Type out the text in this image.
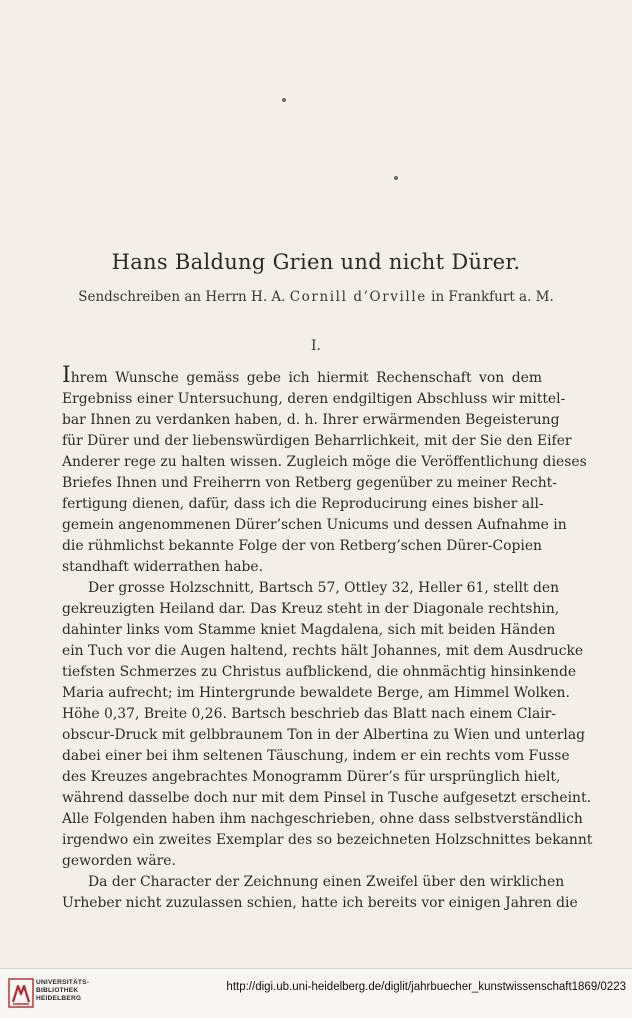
Hans Baldung Grien und nicht Dürer.
Sendschreiben an Herrn H. A. Cornill d’Orville in Frankfurt a. M.
I.
Ihrem Wunsche gemäss gebe ich hiermit Rechenschaft von dem
Ergebniss einer Untersuchung, deren endgiltigen Abschluss wir mittel-
bar Ihnen zu verdanken haben, d. h. Ihrer erwärmenden Begeisterung
für Dürer und der liebenswürdigen Beharrlichkeit, mit der Sie den Eifer
Anderer rege zu halten wissen. Zugleich möge die Veröffentlichung dieses
Briefes Ihnen und Freiherrn von Retberg gegenüber zu meiner Recht-
fertigung dienen, dafür, dass ich die Reproducirung eines bisher all-
gemein angenommenen Dürer’schen Unicums und dessen Aufnahme in
die rühmlichst bekannte Folge der von Retberg’schen Dürer-Copien
standhaft widerrathen habe.
Der grosse Holzschnitt, Bartsch 57, Ottley 32, Heller 61, stellt den
gekreuzigten Heiland dar. Das Kreuz steht in der Diagonale rechtshin,
dahinter links vom Stamme kniet Magdalena, sich mit beiden Händen
ein Tuch vor die Augen haltend, rechts hält Johannes, mit dem Ausdrucke
tiefsten Schmerzes zu Christus aufblickend, die ohnmächtig hinsinkende
Maria aufrecht; im Hintergrunde bewaldete Berge, am Himmel Wolken.
Höhe 0,37, Breite 0,26. Bartsch beschrieb das Blatt nach einem Clair-
obscur-Druck mit gelbbraunem Ton in der Albertina zu Wien und unterlag
dabei einer bei ihm seltenen Täuschung, indem er ein rechts vom Fusse
des Kreuzes angebrachtes Monogramm Dürer’s für ursprünglich hielt,
während dasselbe doch nur mit dem Pinsel in Tusche aufgesetzt erscheint.
Alle Folgenden haben ihm nachgeschrieben, ohne dass selbstverständlich
irgendwo ein zweites Exemplar des so bezeichneten Holzschnittes bekannt
geworden wäre.
Da der Character der Zeichnung einen Zweifel über den wirklichen
Urheber nicht zuzulassen schien, hatte ich bereits vor einigen Jahren die
UNIVERSITÄTS-
BIBLIOTHEK
HEIDELBERG
http://digi.ub.uni-heidelberg.de/diglit/jahrbuecher_kunstwissenschaft1869/0223
